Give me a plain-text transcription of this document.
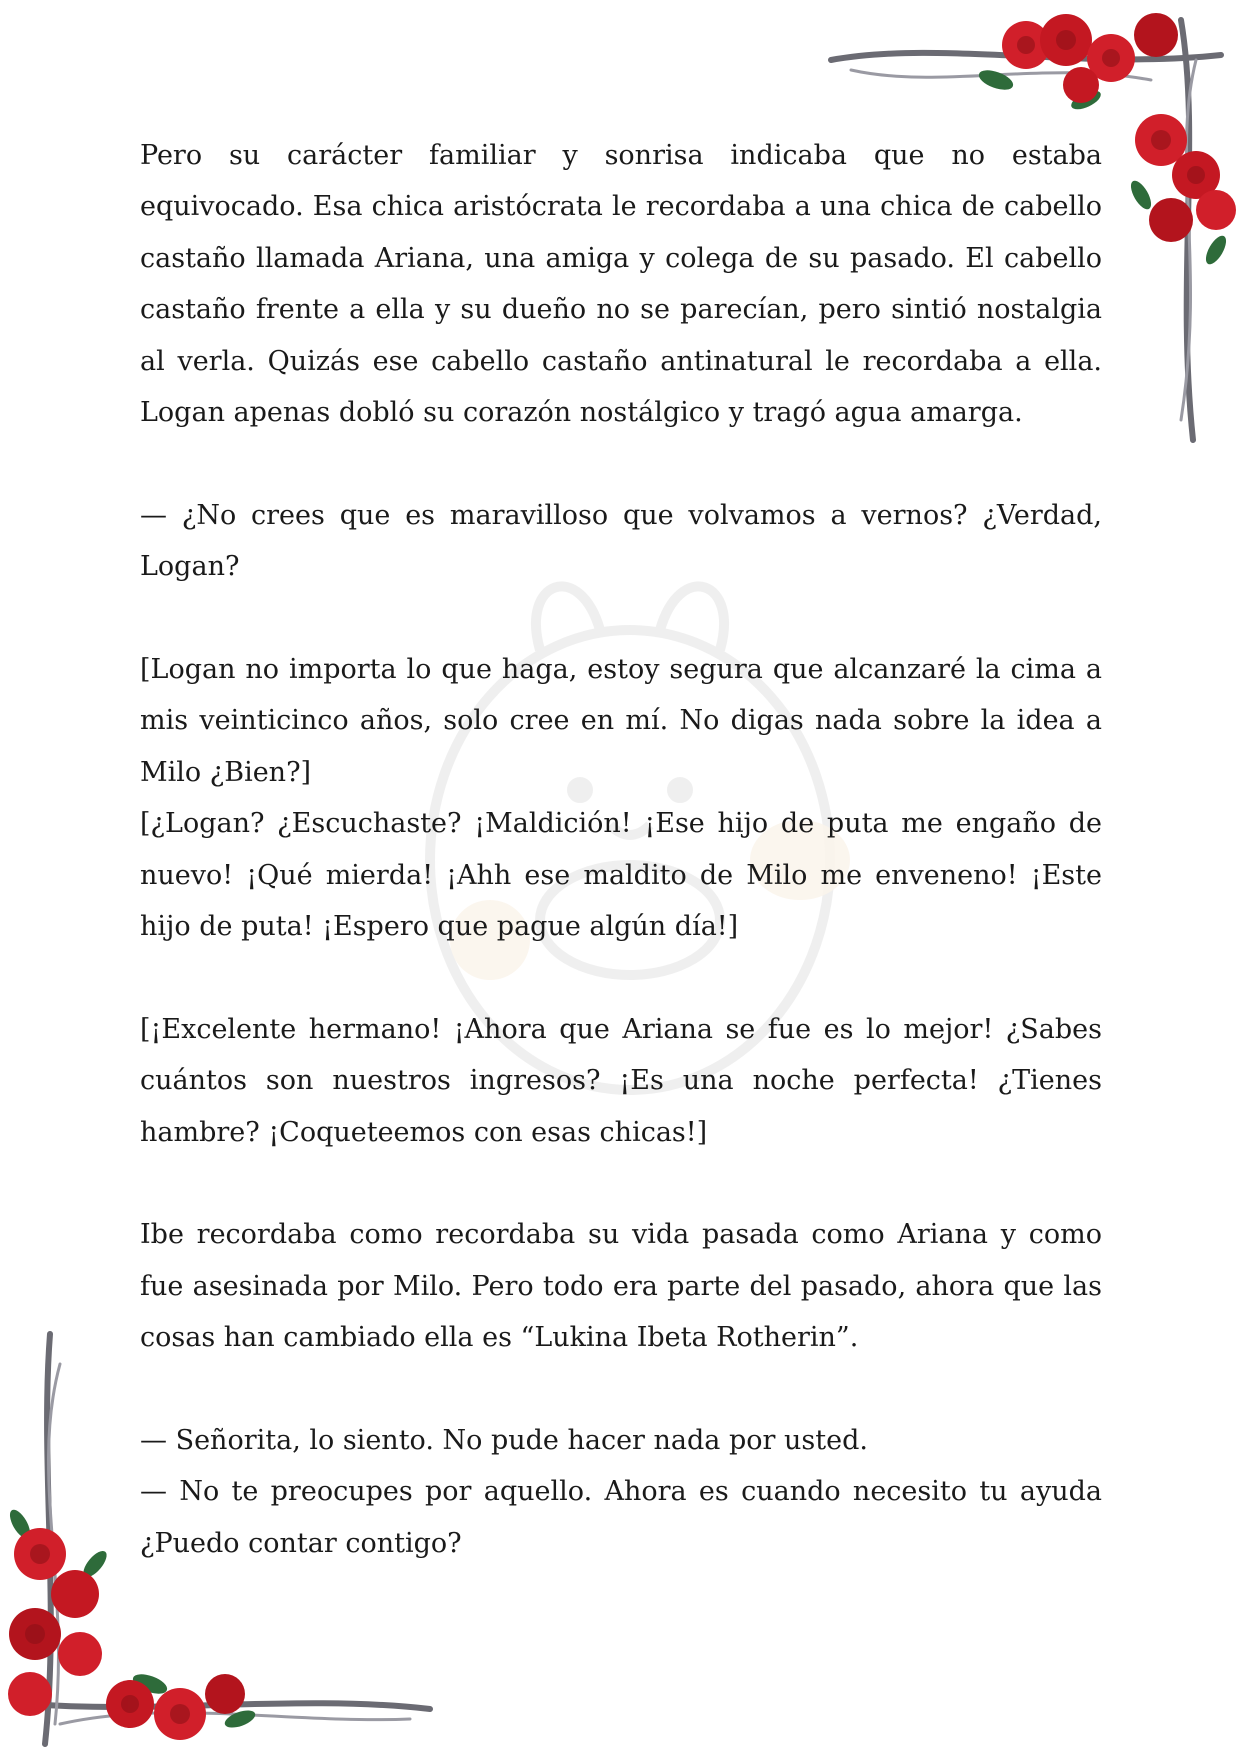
Pero su carácter familiar y sonrisa indicaba que no estaba equivocado. Esa chica aristócrata le recordaba a una chica de cabello castaño llamada Ariana, una amiga y colega de su pasado. El cabello castaño frente a ella y su dueño no se parecían, pero sintió nostalgia al verla. Quizás ese cabello castaño antinatural le recordaba a ella. Logan apenas dobló su corazón nostálgico y tragó agua amarga.

— ¿No crees que es maravilloso que volvamos a vernos? ¿Verdad, Logan?

[Logan no importa lo que haga, estoy segura que alcanzaré la cima a mis veinticinco años, solo cree en mí. No digas nada sobre la idea a Milo ¿Bien?]

[¿Logan? ¿Escuchaste? ¡Maldición! ¡Ese hijo de puta me engaño de nuevo! ¡Qué mierda! ¡Ahh ese maldito de Milo me enveneno! ¡Este hijo de puta! ¡Espero que pague algún día!]

[¡Excelente hermano! ¡Ahora que Ariana se fue es lo mejor! ¿Sabes cuántos son nuestros ingresos? ¡Es una noche perfecta! ¿Tienes hambre? ¡Coqueteemos con esas chicas!]

Ibe recordaba como recordaba su vida pasada como Ariana y como fue asesinada por Milo. Pero todo era parte del pasado, ahora que las cosas han cambiado ella es “Lukina Ibeta Rotherin”.

— Señorita, lo siento. No pude hacer nada por usted.

— No te preocupes por aquello. Ahora es cuando necesito tu ayuda ¿Puedo contar contigo?
